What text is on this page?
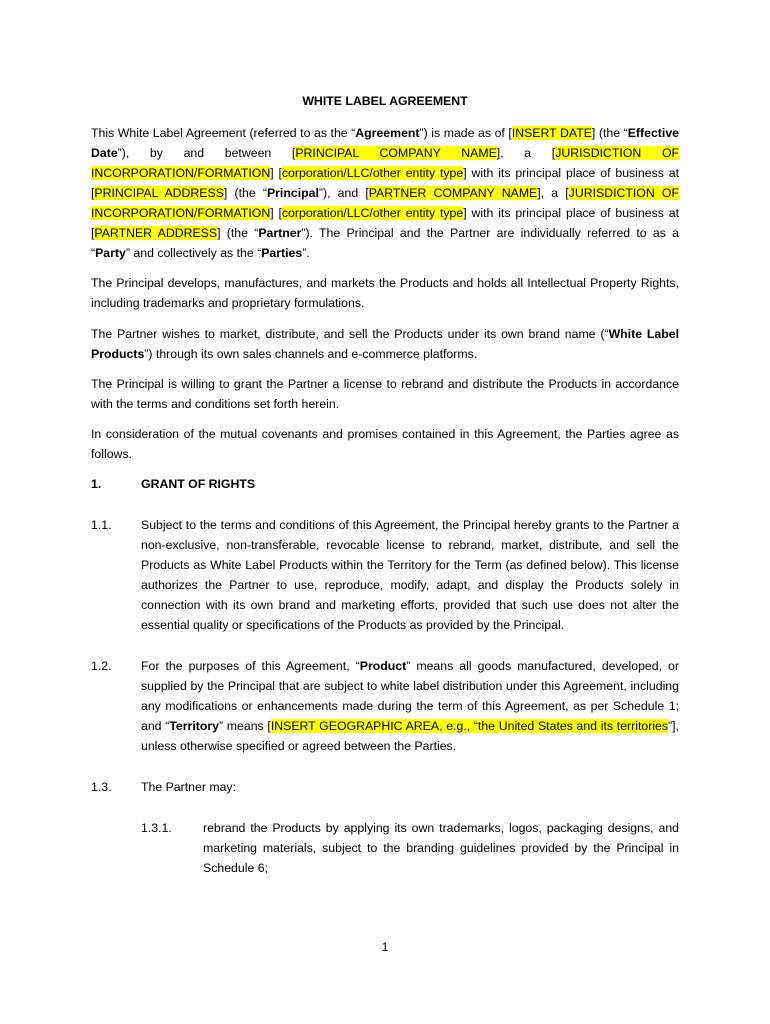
WHITE LABEL AGREEMENT

This White Label Agreement (referred to as the “Agreement”) is made as of [INSERT DATE] (the “Effective Date”), by and between [PRINCIPAL COMPANY NAME], a [JURISDICTION OF INCORPORATION/FORMATION] [corporation/LLC/other entity type] with its principal place of business at [PRINCIPAL ADDRESS] (the “Principal”), and [PARTNER COMPANY NAME], a [JURISDICTION OF INCORPORATION/FORMATION] [corporation/LLC/other entity type] with its principal place of business at [PARTNER ADDRESS] (the “Partner”). The Principal and the Partner are individually referred to as a “Party” and collectively as the “Parties”.

The Principal develops, manufactures, and markets the Products and holds all Intellectual Property Rights, including trademarks and proprietary formulations.

The Partner wishes to market, distribute, and sell the Products under its own brand name (“White Label Products”) through its own sales channels and e-commerce platforms.

The Principal is willing to grant the Partner a license to rebrand and distribute the Products in accordance with the terms and conditions set forth herein.

In consideration of the mutual covenants and promises contained in this Agreement, the Parties agree as follows.

1.	GRANT OF RIGHTS
1.1. Subject to the terms and conditions of this Agreement, the Principal hereby grants to the Partner a non-exclusive, non-transferable, revocable license to rebrand, market, distribute, and sell the Products as White Label Products within the Territory for the Term (as defined below). This license authorizes the Partner to use, reproduce, modify, adapt, and display the Products solely in connection with its own brand and marketing efforts, provided that such use does not alter the essential quality or specifications of the Products as provided by the Principal.

1.2. For the purposes of this Agreement, “Product” means all goods manufactured, developed, or supplied by the Principal that are subject to white label distribution under this Agreement, including any modifications or enhancements made during the term of this Agreement, as per Schedule 1; and “Territory” means [INSERT GEOGRAPHIC AREA, e.g., “the United States and its territories”], unless otherwise specified or agreed between the Parties.

1.3. The Partner may:
1.3.1.	rebrand the Products by applying its own trademarks, logos, packaging designs, and marketing materials, subject to the branding guidelines provided by the Principal in Schedule 6;

1
